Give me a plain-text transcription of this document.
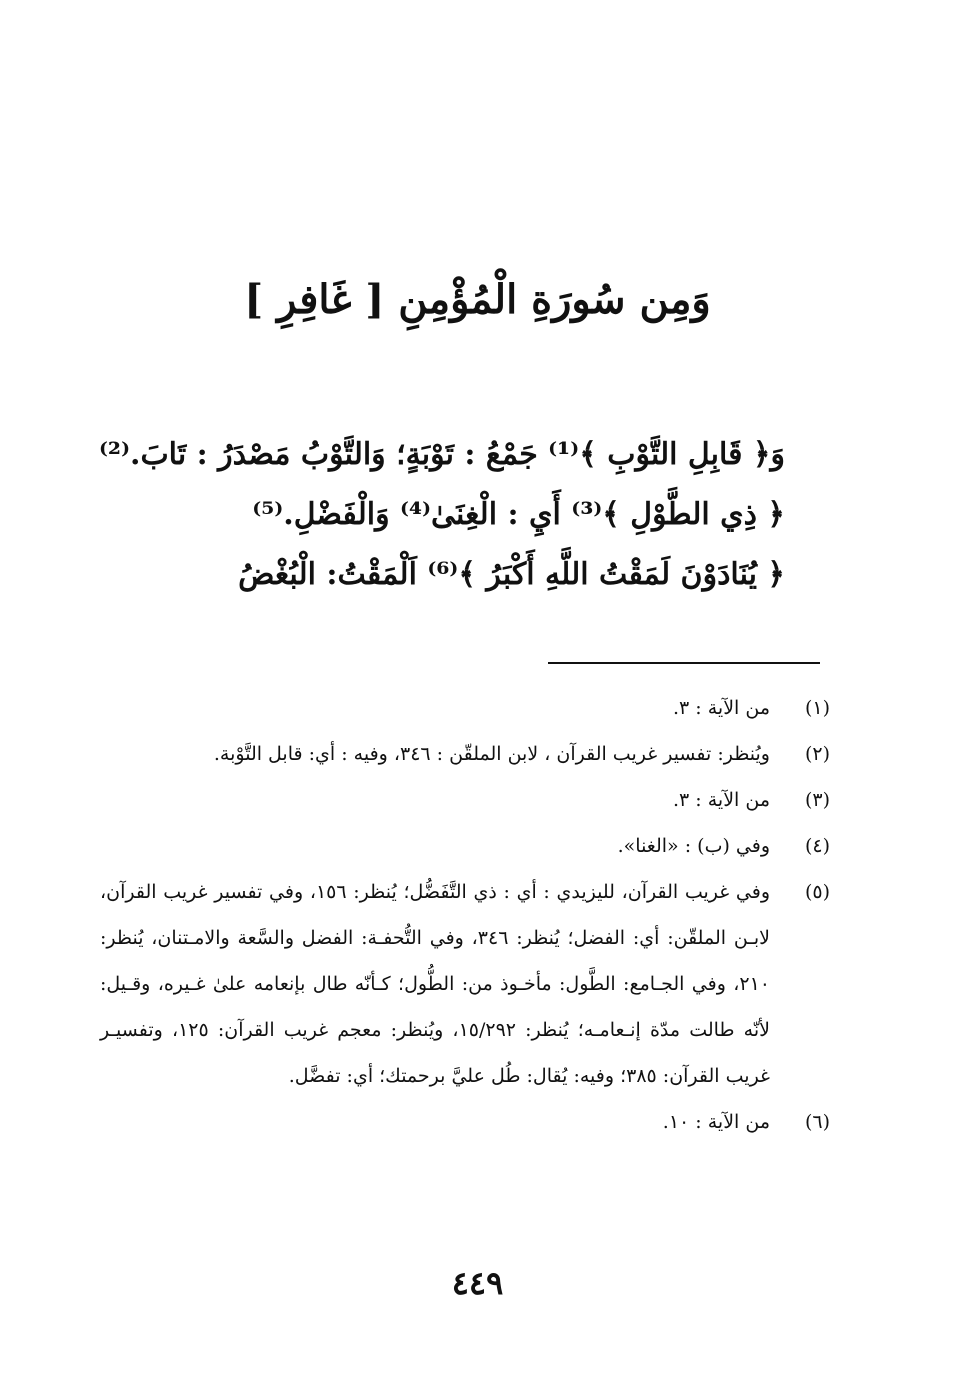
وَمِن سُورَةِ الْمُؤْمِنِ [ غَافِرِ ]
وَ﴿ قَابِلِ التَّوْبِ ﴾⁽¹⁾ جَمْعُ : تَوْبَةٍ؛ وَالتَّوْبُ مَصْدَرُ : تَابَ.⁽²⁾
﴿ ذِي الطَّوْلِ ﴾⁽³⁾ أَيِ : الْغِنَىٰ⁽⁴⁾ وَالْفَضْلِ.⁽⁵⁾
﴿ يُنَادَوْنَ لَمَقْتُ اللَّهِ أَكْبَرُ ﴾⁽⁶⁾ اَلْمَقْتُ: الْبُغْضُ
(١)
من الآية : ٣.
(٢)
ويُنظر: تفسير غريب القرآن ، لابن الملقّن : ٣٤٦، وفيه : أي: قابل التَّوْبة.
(٣)
من الآية : ٣.
(٤)
وفي (ب) : «الغنا».
(٥)
وفي غريب القرآن، لليزيدي : أي : ذي التَّفَضُّل؛ يُنظر: ١٥٦، وفي تفسير غريب القرآن، لابـن الملقّن: أي: الفضل؛ يُنظر: ٣٤٦، وفي التُّحفـة: الفضل والسَّعة والامـتنان، يُنظر: ٢١٠، وفي الجـامع: الطَّول: مأخـوذ من: الطُّول؛ كـأنّه طال بإنعامه علىٰ غـيره، وقـيل: لأنّه طالت مدّة إنـعامـه؛ يُنظر: ١٥/٢٩٢، ويُنظر: معجم غريب القرآن: ١٢٥، وتفسيـر غريب القرآن: ٣٨٥؛ وفيه: يُقال: طُل عليَّ برحمتك؛ أي: تفضَّل.
(٦)
من الآية : ١٠.
٤٤٩
